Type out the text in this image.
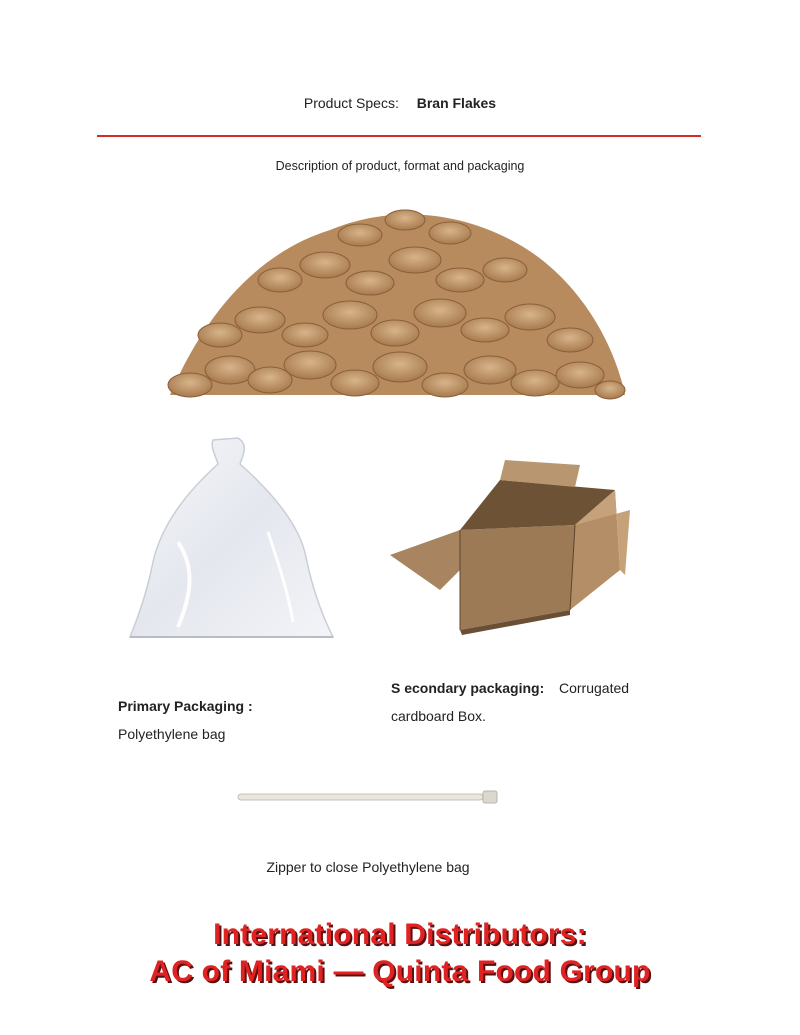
Product Specs: Bran Flakes
Description of product, format and packaging
Primary Packaging :
Polyethylene bag
S econdary packaging: Corrugated
cardboard Box.
Zipper to close Polyethylene bag
International Distributors:
AC of Miami — Quinta Food Group
